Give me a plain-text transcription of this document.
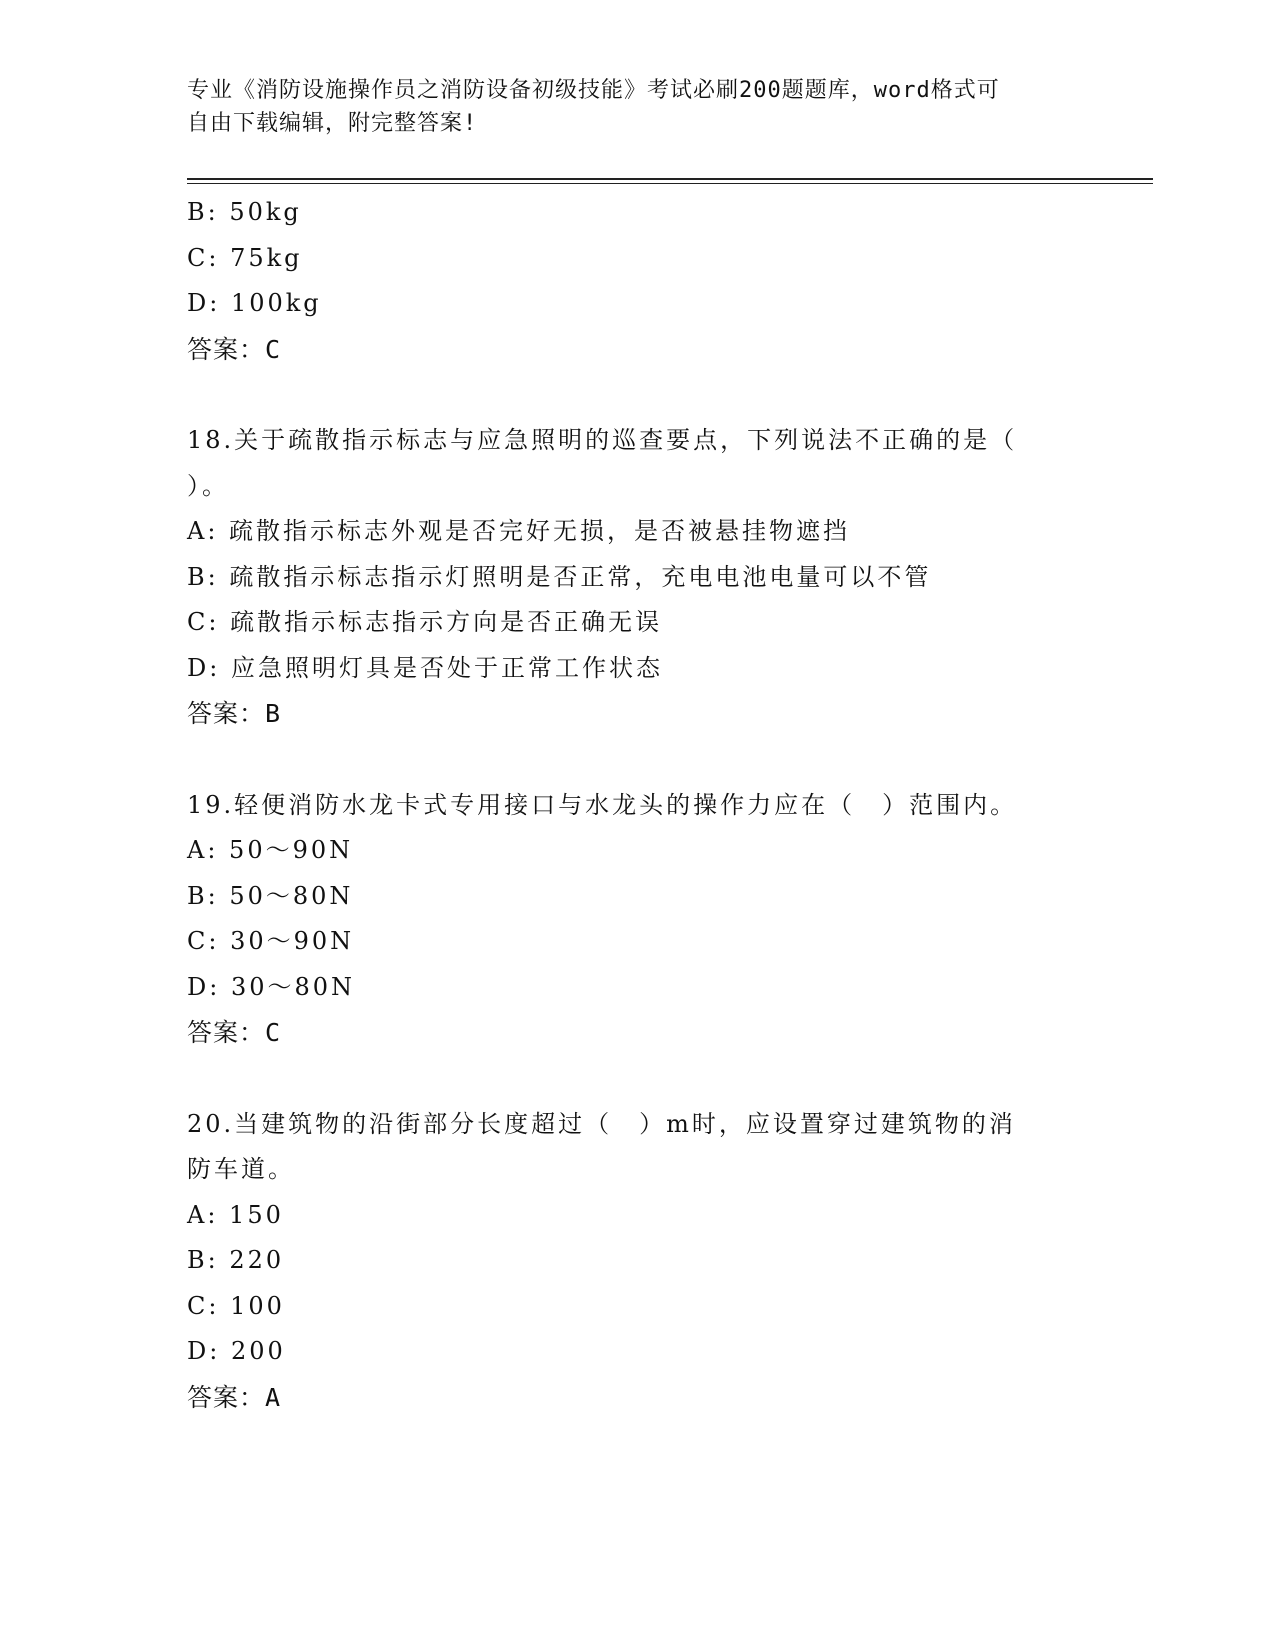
专业《消防设施操作员之消防设备初级技能》考试必刷200题题库，word格式可
自由下载编辑，附完整答案!
B: 50kg
C: 75kg
D: 100kg
答案：C
18.关于疏散指示标志与应急照明的巡查要点，下列说法不正确的是（
）。
A: 疏散指示标志外观是否完好无损，是否被悬挂物遮挡
B: 疏散指示标志指示灯照明是否正常，充电电池电量可以不管
C: 疏散指示标志指示方向是否正确无误
D: 应急照明灯具是否处于正常工作状态
答案：B
19.轻便消防水龙卡式专用接口与水龙头的操作力应在（　）范围内。
A: 50～90N
B: 50～80N
C: 30～90N
D: 30～80N
答案：C
20.当建筑物的沿街部分长度超过（　）m时，应设置穿过建筑物的消
防车道。
A: 150
B: 220
C: 100
D: 200
答案：A
